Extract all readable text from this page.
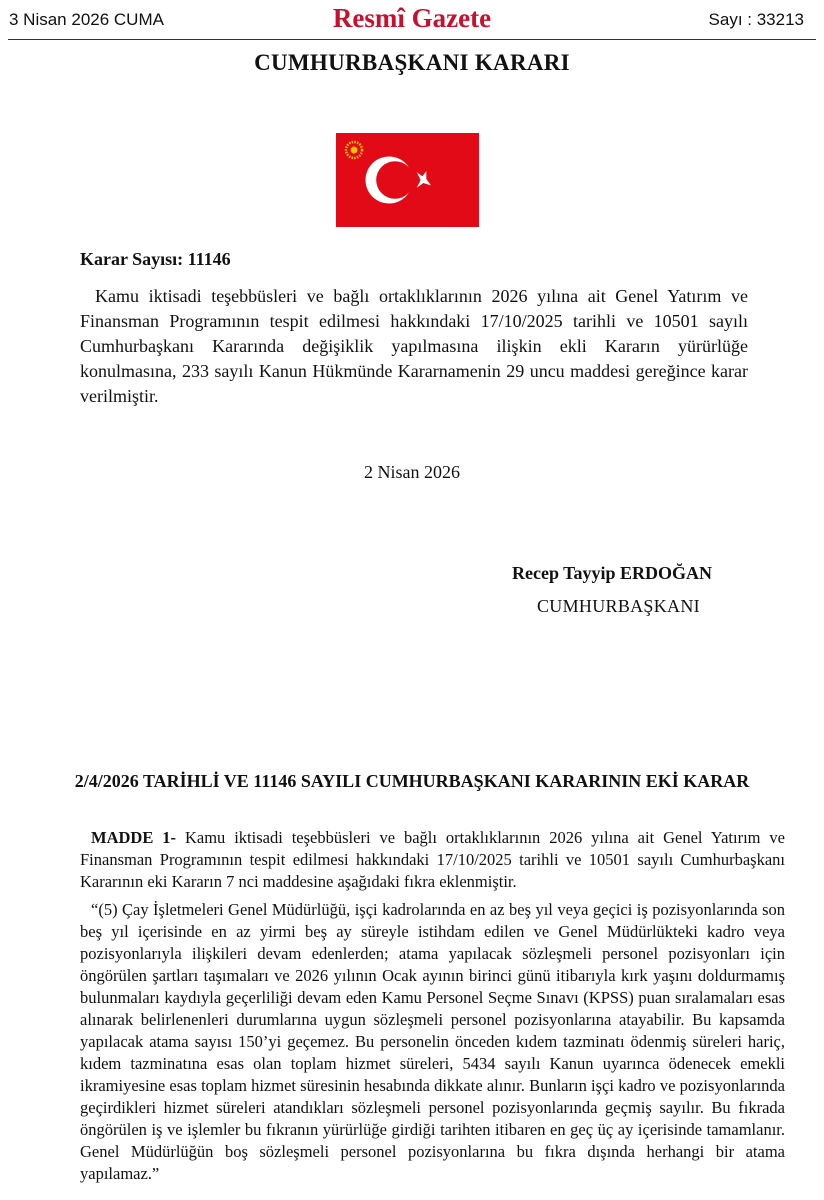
3 Nisan 2026 CUMA	Resmî Gazete	Sayı : 33213
CUMHURBAŞKANI KARARI
Karar Sayısı: 11146

Kamu iktisadi teşebbüsleri ve bağlı ortaklıklarının 2026 yılına ait Genel Yatırım ve Finansman Programının tespit edilmesi hakkındaki 17/10/2025 tarihli ve 10501 sayılı Cumhurbaşkanı Kararında değişiklik yapılmasına ilişkin ekli Kararın yürürlüğe konulmasına, 233 sayılı Kanun Hükmünde Kararnamenin 29 uncu maddesi gereğince karar verilmiştir.

2 Nisan 2026
Recep Tayyip ERDOĞAN
CUMHURBAŞKANI

2/4/2026 TARİHLİ VE 11146 SAYILI CUMHURBAŞKANI KARARININ EKİ KARAR

MADDE 1- Kamu iktisadi teşebbüsleri ve bağlı ortaklıklarının 2026 yılına ait Genel Yatırım ve Finansman Programının tespit edilmesi hakkındaki 17/10/2025 tarihli ve 10501 sayılı Cumhurbaşkanı Kararının eki Kararın 7 nci maddesine aşağıdaki fıkra eklenmiştir.

“(5) Çay İşletmeleri Genel Müdürlüğü, işçi kadrolarında en az beş yıl veya geçici iş pozisyonlarında son beş yıl içerisinde en az yirmi beş ay süreyle istihdam edilen ve Genel Müdürlükteki kadro veya pozisyonlarıyla ilişkileri devam edenlerden; atama yapılacak sözleşmeli personel pozisyonları için öngörülen şartları taşımaları ve 2026 yılının Ocak ayının birinci günü itibarıyla kırk yaşını doldurmamış bulunmaları kaydıyla geçerliliği devam eden Kamu Personel Seçme Sınavı (KPSS) puan sıralamaları esas alınarak belirlenenleri durumlarına uygun sözleşmeli personel pozisyonlarına atayabilir. Bu kapsamda yapılacak atama sayısı 150’yi geçemez. Bu personelin önceden kıdem tazminatı ödenmiş süreleri hariç, kıdem tazminatına esas olan toplam hizmet süreleri, 5434 sayılı Kanun uyarınca ödenecek emekli ikramiyesine esas toplam hizmet süresinin hesabında dikkate alınır. Bunların işçi kadro ve pozisyonlarında geçirdikleri hizmet süreleri atandıkları sözleşmeli personel pozisyonlarında geçmiş sayılır. Bu fıkrada öngörülen iş ve işlemler bu fıkranın yürürlüğe girdiği tarihten itibaren en geç üç ay içerisinde tamamlanır. Genel Müdürlüğün boş sözleşmeli personel pozisyonlarına bu fıkra dışında herhangi bir atama yapılamaz.”
